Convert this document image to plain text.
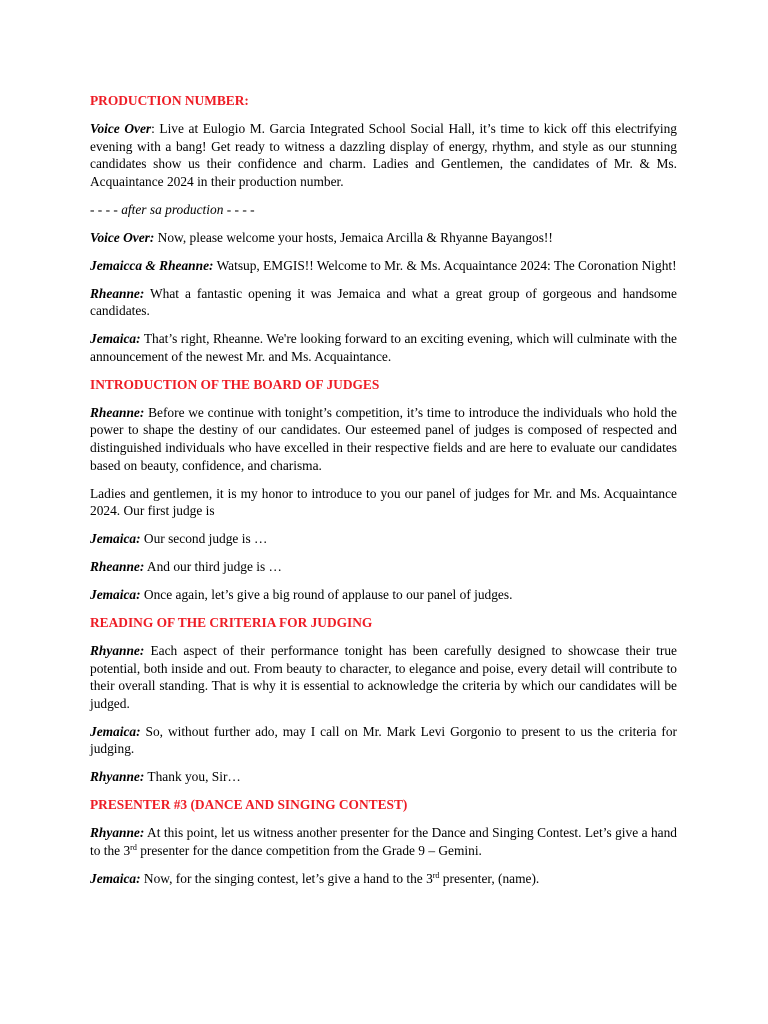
PRODUCTION NUMBER:

Voice Over: Live at Eulogio M. Garcia Integrated School Social Hall, it’s time to kick off this electrifying evening with a bang! Get ready to witness a dazzling display of energy, rhythm, and style as our stunning candidates show us their confidence and charm. Ladies and Gentlemen, the candidates of Mr. & Ms. Acquaintance 2024 in their production number.

- - - - after sa production - - - -

Voice Over: Now, please welcome your hosts, Jemaica Arcilla & Rhyanne Bayangos!!

Jemaicca & Rheanne: Watsup, EMGIS!! Welcome to Mr. & Ms. Acquaintance 2024: The Coronation Night!

Rheanne: What a fantastic opening it was Jemaica and what a great group of gorgeous and handsome candidates.

Jemaica: That’s right, Rheanne. We're looking forward to an exciting evening, which will culminate with the announcement of the newest Mr. and Ms. Acquaintance.

INTRODUCTION OF THE BOARD OF JUDGES

Rheanne: Before we continue with tonight’s competition, it’s time to introduce the individuals who hold the power to shape the destiny of our candidates. Our esteemed panel of judges is composed of respected and distinguished individuals who have excelled in their respective fields and are here to evaluate our candidates based on beauty, confidence, and charisma.

Ladies and gentlemen, it is my honor to introduce to you our panel of judges for Mr. and Ms. Acquaintance 2024. Our first judge is

Jemaica: Our second judge is …

Rheanne: And our third judge is …

Jemaica: Once again, let’s give a big round of applause to our panel of judges.

READING OF THE CRITERIA FOR JUDGING

Rhyanne: Each aspect of their performance tonight has been carefully designed to showcase their true potential, both inside and out. From beauty to character, to elegance and poise, every detail will contribute to their overall standing. That is why it is essential to acknowledge the criteria by which our candidates will be judged.

Jemaica: So, without further ado, may I call on Mr. Mark Levi Gorgonio to present to us the criteria for judging.

Rhyanne: Thank you, Sir…

PRESENTER #3 (DANCE AND SINGING CONTEST)

Rhyanne: At this point, let us witness another presenter for the Dance and Singing Contest. Let’s give a hand to the 3rd presenter for the dance competition from the Grade 9 – Gemini.

Jemaica: Now, for the singing contest, let’s give a hand to the 3rd presenter, (name).
